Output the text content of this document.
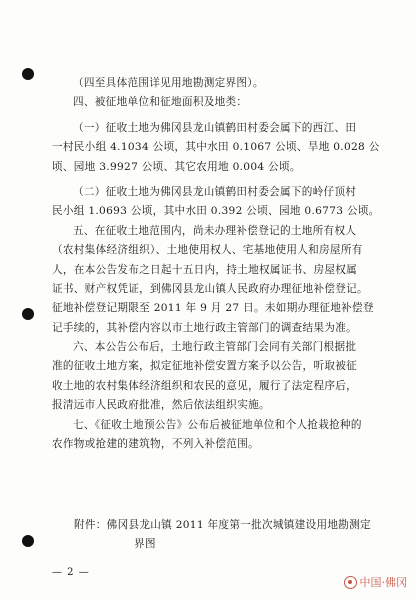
（四至具体范围详见用地勘测定界图）。
四、被征地单位和征地面积及地类：
（一）征收土地为佛冈县龙山镇鹤田村委会属下的西江、田
一村民小组 4.1034 公顷，其中水田 0.1067 公顷、旱地 0.028 公
顷、园地 3.9927 公顷、其它农用地 0.004 公顷。
（二）征收土地为佛冈县龙山镇鹤田村委会属下的岭仔顶村
民小组 1.0693 公顷，其中水田 0.392 公顷、园地 0.6773 公顷。
五、在征收土地范围内，尚未办理补偿登记的土地所有权人
（农村集体经济组织）、土地使用权人、宅基地使用人和房屋所有
人，在本公告发布之日起十五日内，持土地权属证书、房屋权属
证书、财产权凭证，到佛冈县龙山镇人民政府办理征地补偿登记。
征地补偿登记期限至 2011 年 9 月 27 日。未如期办理征地补偿登
记手续的，其补偿内容以市土地行政主管部门的调查结果为准。
六、本公告公布后，土地行政主管部门会同有关部门根据批
准的征收土地方案，拟定征地补偿安置方案予以公告，听取被征
收土地的农村集体经济组织和农民的意见，履行了法定程序后，
报清远市人民政府批准，然后依法组织实施。
七、《征收土地预公告》公布后被征地单位和个人抢栽抢种的
农作物或抢建的建筑物，不列入补偿范围。
附件：佛冈县龙山镇 2011 年度第一批次城镇建设用地勘测定
界图
— 2 —
中国·佛冈
